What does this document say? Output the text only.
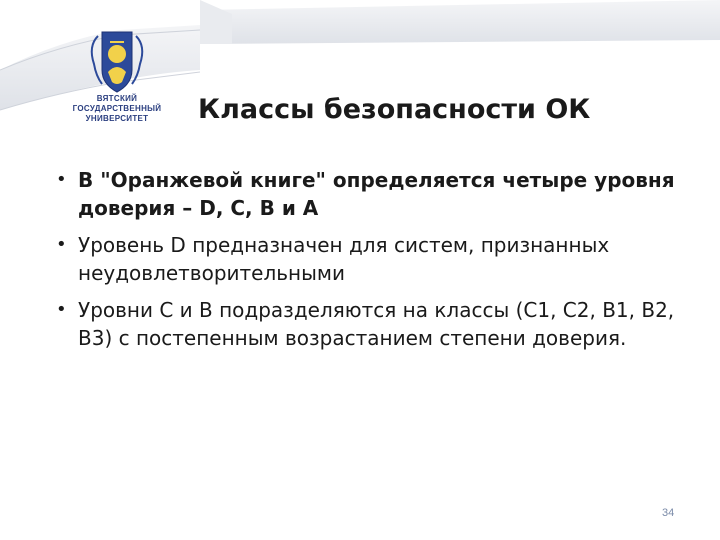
ВЯТСКИЙ
ГОСУДАРСТВЕННЫЙ
УНИВЕРСИТЕТ	Классы безопасности ОК
• В "Оранжевой книге" определяется четыре уровня доверия – D, C, B и A
• Уровень D предназначен для систем, признанных неудовлетворительными
• Уровни C и B подразделяются на классы (C1, C2, B1, B2, B3) с постепенным возрастанием степени доверия.
34
